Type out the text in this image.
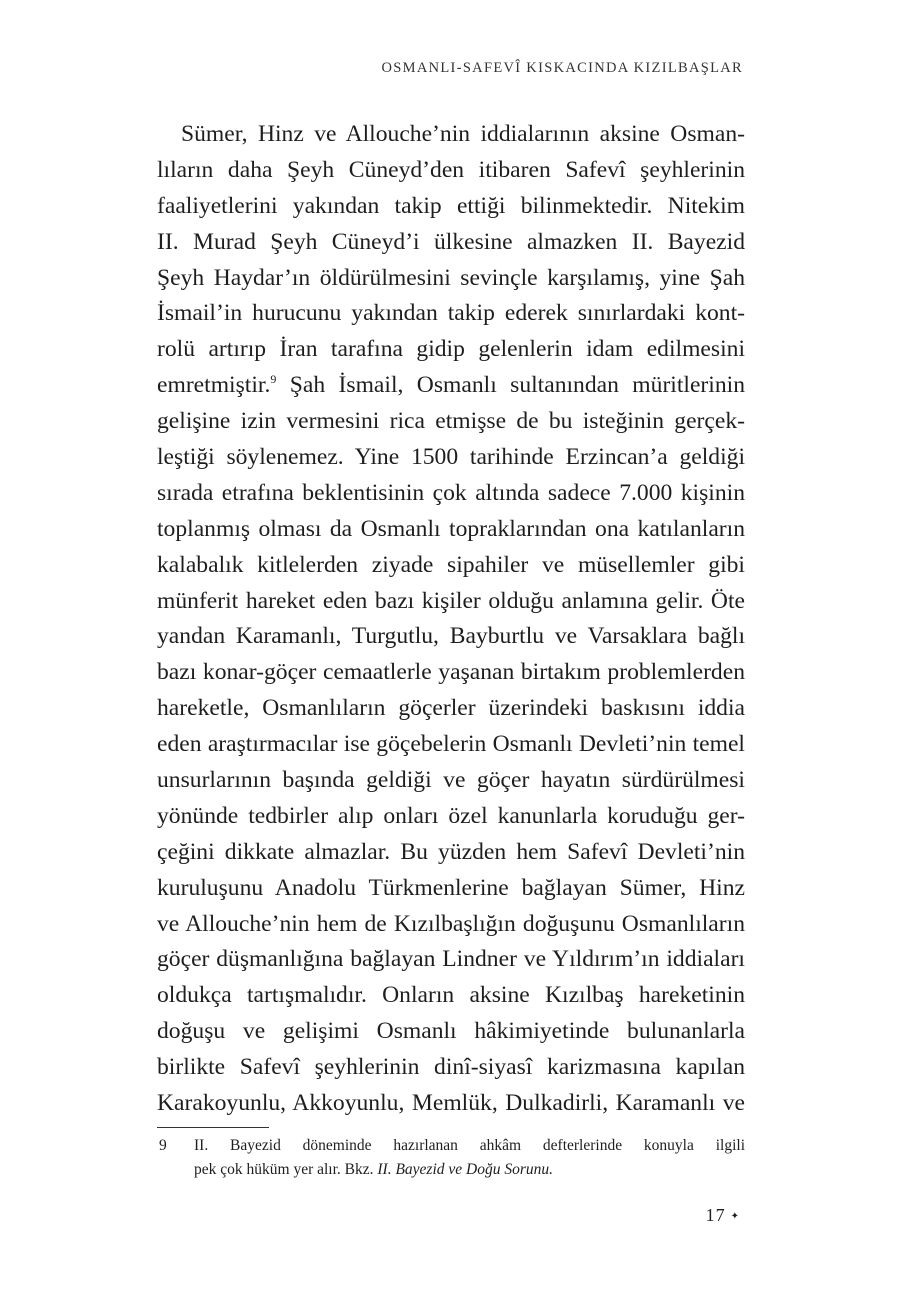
OSMANLI-SAFEVÎ KISKACINDA KIZILBAŞLAR
Sümer, Hinz ve Allouche’nin iddialarının aksine Osman-
lıların daha Şeyh Cüneyd’den itibaren Safevî şeyhlerinin
faaliyetlerini yakından takip ettiği bilinmektedir. Nitekim
II. Murad Şeyh Cüneyd’i ülkesine almazken II. Bayezid
Şeyh Haydar’ın öldürülmesini sevinçle karşılamış, yine Şah
İsmail’in hurucunu yakından takip ederek sınırlardaki kont-
rolü artırıp İran tarafına gidip gelenlerin idam edilmesini
emretmiştir.$^9$ Şah İsmail, Osmanlı sultanından müritlerinin
gelişine izin vermesini rica etmişse de bu isteğinin gerçek-
leştiği söylenemez. Yine 1500 tarihinde Erzincan’a geldiği
sırada etrafına beklentisinin çok altında sadece 7.000 kişinin
toplanmış olması da Osmanlı topraklarından ona katılanların
kalabalık kitlelerden ziyade sipahiler ve müsellemler gibi
münferit hareket eden bazı kişiler olduğu anlamına gelir. Öte
yandan Karamanlı, Turgutlu, Bayburtlu ve Varsaklara bağlı
bazı konar-göçer cemaatlerle yaşanan birtakım problemlerden
hareketle, Osmanlıların göçerler üzerindeki baskısını iddia
eden araştırmacılar ise göçebelerin Osmanlı Devleti’nin temel
unsurlarının başında geldiği ve göçer hayatın sürdürülmesi
yönünde tedbirler alıp onları özel kanunlarla koruduğu ger-
çeğini dikkate almazlar. Bu yüzden hem Safevî Devleti’nin
kuruluşunu Anadolu Türkmenlerine bağlayan Sümer, Hinz
ve Allouche’nin hem de Kızılbaşlığın doğuşunu Osmanlıların
göçer düşmanlığına bağlayan Lindner ve Yıldırım’ın iddiaları
oldukça tartışmalıdır. Onların aksine Kızılbaş hareketinin
doğuşu ve gelişimi Osmanlı hâkimiyetinde bulunanlarla
birlikte Safevî şeyhlerinin dinî-siyasî karizmasına kapılan
Karakoyunlu, Akkoyunlu, Memlük, Dulkadirli, Karamanlı ve
9 II. Bayezid döneminde hazırlanan ahkâm defterlerinde konuyla ilgili
pek çok hüküm yer alır. Bkz. II. Bayezid ve Doğu Sorunu.
17 ✦
